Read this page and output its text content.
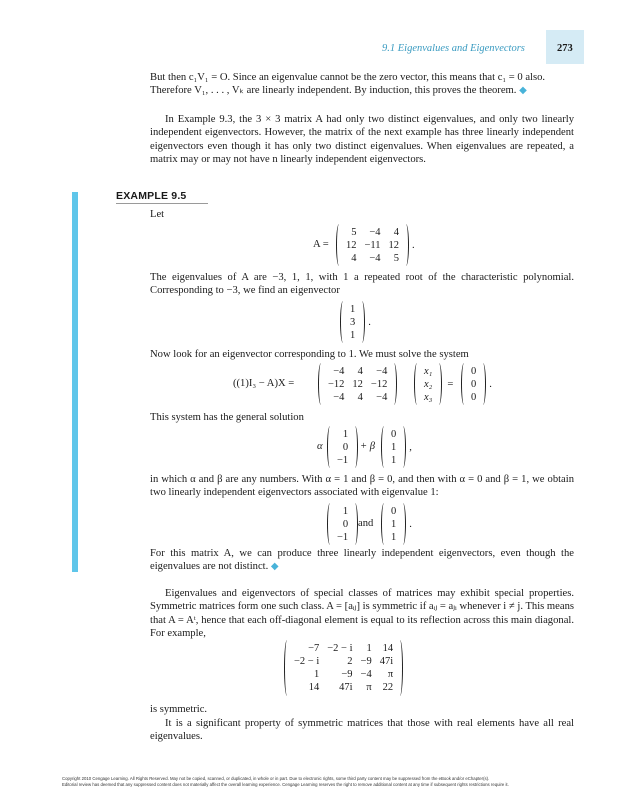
9.1 Eigenvalues and Eigenvectors	273
But then c₁V₁ = O. Since an eigenvalue cannot be the zero vector, this means that c₁ = 0 also.
Therefore V₁, . . . , Vₖ are linearly independent. By induction, this proves the theorem. ◆
In Example 9.3, the 3 × 3 matrix A had only two distinct eigenvalues, and only two linearly independent eigenvectors. However, the matrix of the next example has three linearly independent eigenvectors even though it has only two distinct eigenvalues. When eigenvalues are repeated, a matrix may or may not have n linearly independent eigenvectors.
EXAMPLE 9.5
Let
A =
5	−4	4
12	−11	12
4	−4	5
.
The eigenvalues of A are −3, 1, 1, with 1 a repeated root of the characteristic polynomial. Corresponding to −3, we find an eigenvector
1
3
1
.
Now look for an eigenvector corresponding to 1. We must solve the system
((1)I₃ − A)X =
−4	4	−4
−12	12	−12
−4	4	−4
x₁
x₂
x₃
=
0
0
0
.
This system has the general solution
α
1
0
−1
+ β
0
1
1
,
in which α and β are any numbers. With α = 1 and β = 0, and then with α = 0 and β = 1, we obtain two linearly independent eigenvectors associated with eigenvalue 1:
1
0
−1
and
0
1
1
.
For this matrix A, we can produce three linearly independent eigenvectors, even though the eigenvalues are not distinct. ◆
Eigenvalues and eigenvectors of special classes of matrices may exhibit special properties. Symmetric matrices form one such class. A = [aᵢⱼ] is symmetric if aᵢⱼ = aⱼᵢ whenever i ≠ j. This means that A = Aᵗ, hence that each off-diagonal element is equal to its reflection across this main diagonal. For example,
−7	−2 − i	1	14
−2 − i	2	−9	47i
1	−9	−4	π
14	47i	π	22
is symmetric.
It is a significant property of symmetric matrices that those with real elements have all real eigenvalues.
Copyright 2010 Cengage Learning. All Rights Reserved. May not be copied, scanned, or duplicated, in whole or in part. Due to electronic rights, some third party content may be suppressed from the eBook and/or eChapter(s).
Editorial review has deemed that any suppressed content does not materially affect the overall learning experience. Cengage Learning reserves the right to remove additional content at any time if subsequent rights restrictions require it.
